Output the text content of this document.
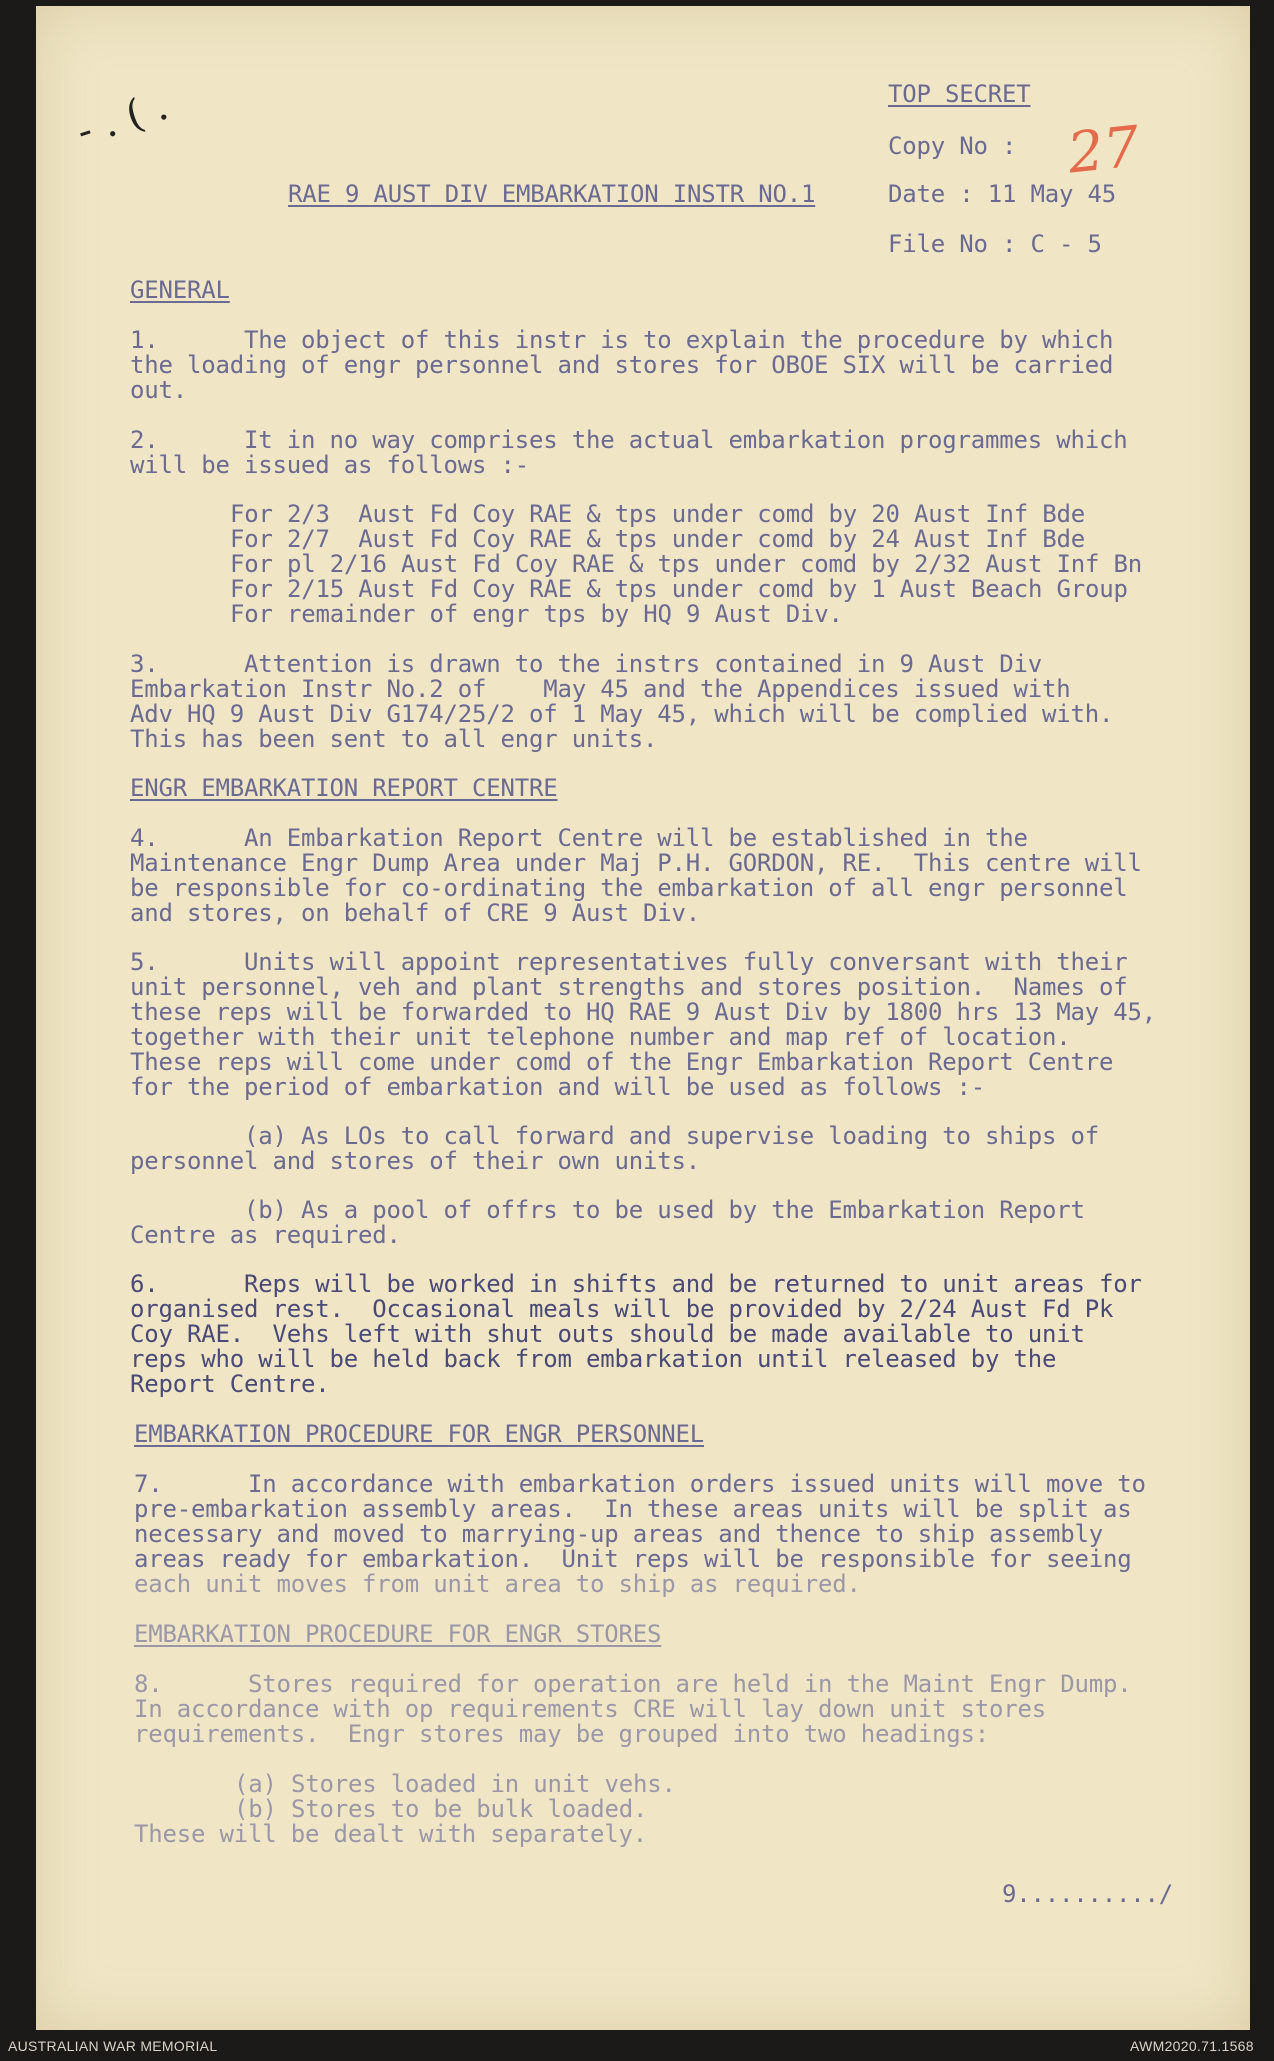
- . ( .	TOP SECRET
Copy No : 27
RAE 9 AUST DIV EMBARKATION INSTR NO.1	Date : 11 May 45
File No : C - 5
GENERAL
1.      The object of this instr is to explain the procedure by which
the loading of engr personnel and stores for OBOE SIX will be carried
out.
2.      It in no way comprises the actual embarkation programmes which
will be issued as follows :-
For 2/3  Aust Fd Coy RAE & tps under comd by 20 Aust Inf Bde
For 2/7  Aust Fd Coy RAE & tps under comd by 24 Aust Inf Bde
For pl 2/16 Aust Fd Coy RAE & tps under comd by 2/32 Aust Inf Bn
For 2/15 Aust Fd Coy RAE & tps under comd by 1 Aust Beach Group
For remainder of engr tps by HQ 9 Aust Div.
3.      Attention is drawn to the instrs contained in 9 Aust Div
Embarkation Instr No.2 of    May 45 and the Appendices issued with
Adv HQ 9 Aust Div G174/25/2 of 1 May 45, which will be complied with.
This has been sent to all engr units.
ENGR EMBARKATION REPORT CENTRE
4.      An Embarkation Report Centre will be established in the
Maintenance Engr Dump Area under Maj P.H. GORDON, RE.  This centre will
be responsible for co-ordinating the embarkation of all engr personnel
and stores, on behalf of CRE 9 Aust Div.
5.      Units will appoint representatives fully conversant with their
unit personnel, veh and plant strengths and stores position.  Names of
these reps will be forwarded to HQ RAE 9 Aust Div by 1800 hrs 13 May 45,
together with their unit telephone number and map ref of location.
These reps will come under comd of the Engr Embarkation Report Centre
for the period of embarkation and will be used as follows :-
(a) As LOs to call forward and supervise loading to ships of
personnel and stores of their own units.
(b) As a pool of offrs to be used by the Embarkation Report
Centre as required.
6.      Reps will be worked in shifts and be returned to unit areas for
organised rest.  Occasional meals will be provided by 2/24 Aust Fd Pk
Coy RAE.  Vehs left with shut outs should be made available to unit
reps who will be held back from embarkation until released by the
Report Centre.
EMBARKATION PROCEDURE FOR ENGR PERSONNEL
7.      In accordance with embarkation orders issued units will move to
pre-embarkation assembly areas.  In these areas units will be split as
necessary and moved to marrying-up areas and thence to ship assembly
areas ready for embarkation.  Unit reps will be responsible for seeing
each unit moves from unit area to ship as required.
EMBARKATION PROCEDURE FOR ENGR STORES
8.      Stores required for operation are held in the Maint Engr Dump.
In accordance with op requirements CRE will lay down unit stores
requirements.  Engr stores may be grouped into two headings:
(a) Stores loaded in unit vehs.
(b) Stores to be bulk loaded.
These will be dealt with separately.
9........../
AUSTRALIAN WAR MEMORIAL	AWM2020.71.1568
